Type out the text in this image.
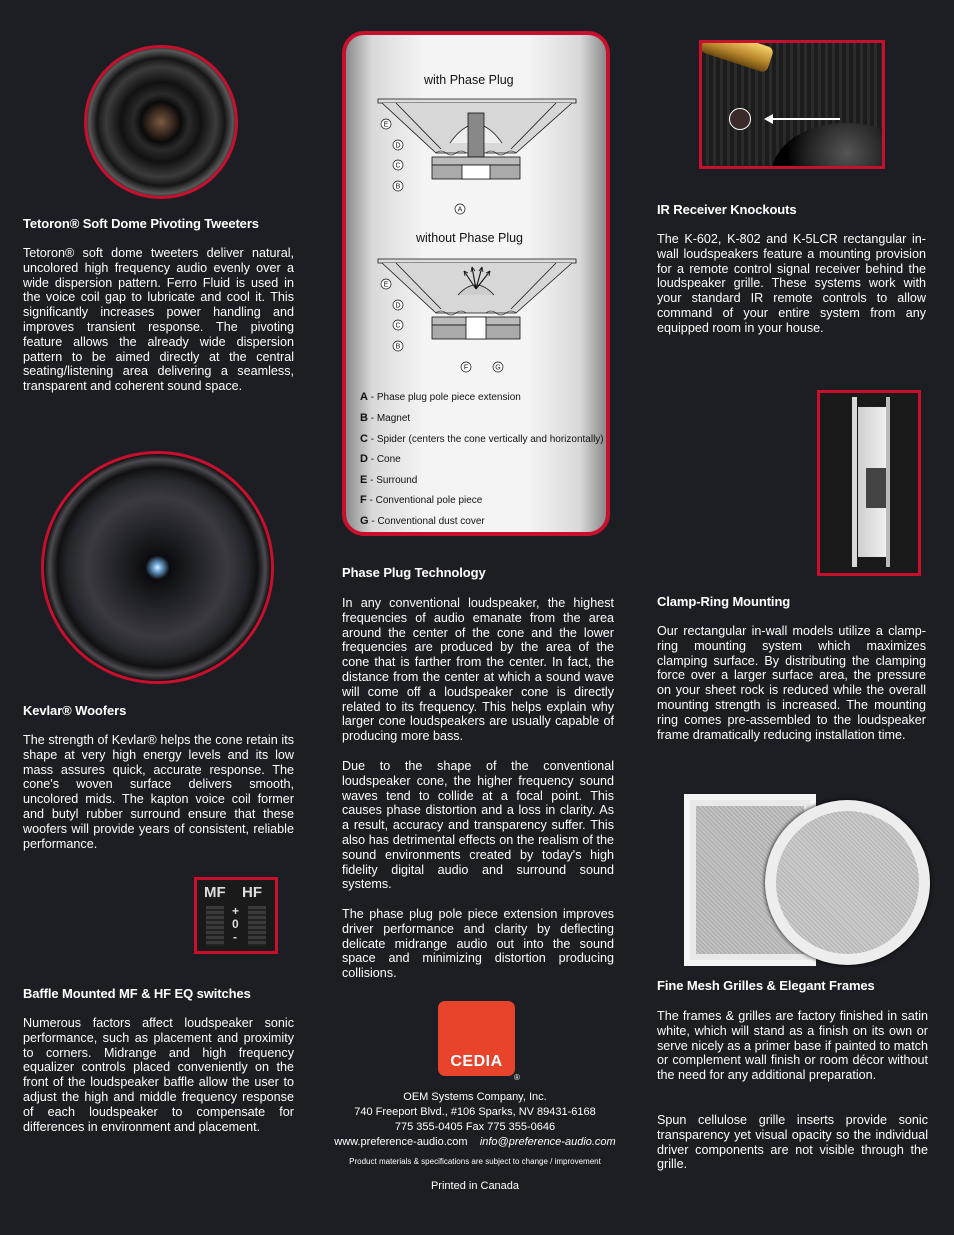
Tetoron® Soft Dome Pivoting Tweeters

Tetoron® soft dome tweeters deliver natural, uncolored high frequency audio evenly over a wide dispersion pattern. Ferro Fluid is used in the voice coil gap to lubricate and cool it. This significantly increases power handling and improves transient response. The pivoting feature allows the already wide dispersion pattern to be aimed directly at the central seating/listening area delivering a seamless, transparent and coherent sound space.

Kevlar® Woofers

The strength of Kevlar® helps the cone retain its shape at very high energy levels and its low mass assures quick, accurate response. The cone's woven surface delivers smooth, uncolored mids. The kapton voice coil former and butyl rubber surround ensure that these woofers will provide years of consistent, reliable performance.

MF HF
+
0
-
Baffle Mounted MF & HF EQ switches

Numerous factors affect loudspeaker sonic performance, such as placement and proximity to corners. Midrange and high frequency equalizer controls placed conveniently on the front of the loudspeaker baffle allow the user to adjust the high and middle frequency response of each loudspeaker to compensate for differences in environment and placement.

with Phase Plug
E
D
C
B
A
without Phase Plug
E
D
C
B
F	G
A - Phase plug pole piece extension
B - Magnet
C - Spider (centers the cone vertically and horizontally)
D - Cone
E - Surround
F - Conventional pole piece
G - Conventional dust cover
Phase Plug Technology

In any conventional loudspeaker, the highest frequencies of audio emanate from the area around the center of the cone and the lower frequencies are produced by the area of the cone that is farther from the center. In fact, the distance from the center at which a sound wave will come off a loudspeaker cone is directly related to its frequency. This helps explain why larger cone loudspeakers are usually capable of producing more bass.

Due to the shape of the conventional loudspeaker cone, the higher frequency sound waves tend to collide at a focal point. This causes phase distortion and a loss in clarity. As a result, accuracy and transparency suffer. This also has detrimental effects on the realism of the sound environments created by today's high fidelity digital audio and surround sound systems.

The phase plug pole piece extension improves driver performance and clarity by deflecting delicate midrange audio out into the sound space and minimizing distortion producing collisions.

CEDIA
®
OEM Systems Company, Inc.
740 Freeport Blvd., #106 Sparks, NV 89431-6168
775 355-0405 Fax 775 355-0646
www.preference-audio.com info@preference-audio.com
Product materials & specifications are subject to change / improvement
Printed in Canada
IR Receiver Knockouts

The K-602, K-802 and K-5LCR rectangular in-wall loudspeakers feature a mounting provision for a remote control signal receiver behind the loudspeaker grille. These systems work with your standard IR remote controls to allow command of your entire system from any equipped room in your house.

Clamp-Ring Mounting

Our rectangular in-wall models utilize a clamp-ring mounting system which maximizes clamping surface. By distributing the clamping force over a larger surface area, the pressure on your sheet rock is reduced while the overall mounting strength is increased. The mounting ring comes pre-assembled to the loudspeaker frame dramatically reducing installation time.

Fine Mesh Grilles & Elegant Frames

The frames & grilles are factory finished in satin white, which will stand as a finish on its own or serve nicely as a primer base if painted to match or complement wall finish or room décor without the need for any additional preparation.

Spun cellulose grille inserts provide sonic transparency yet visual opacity so the individual driver components are not visible through the grille.
